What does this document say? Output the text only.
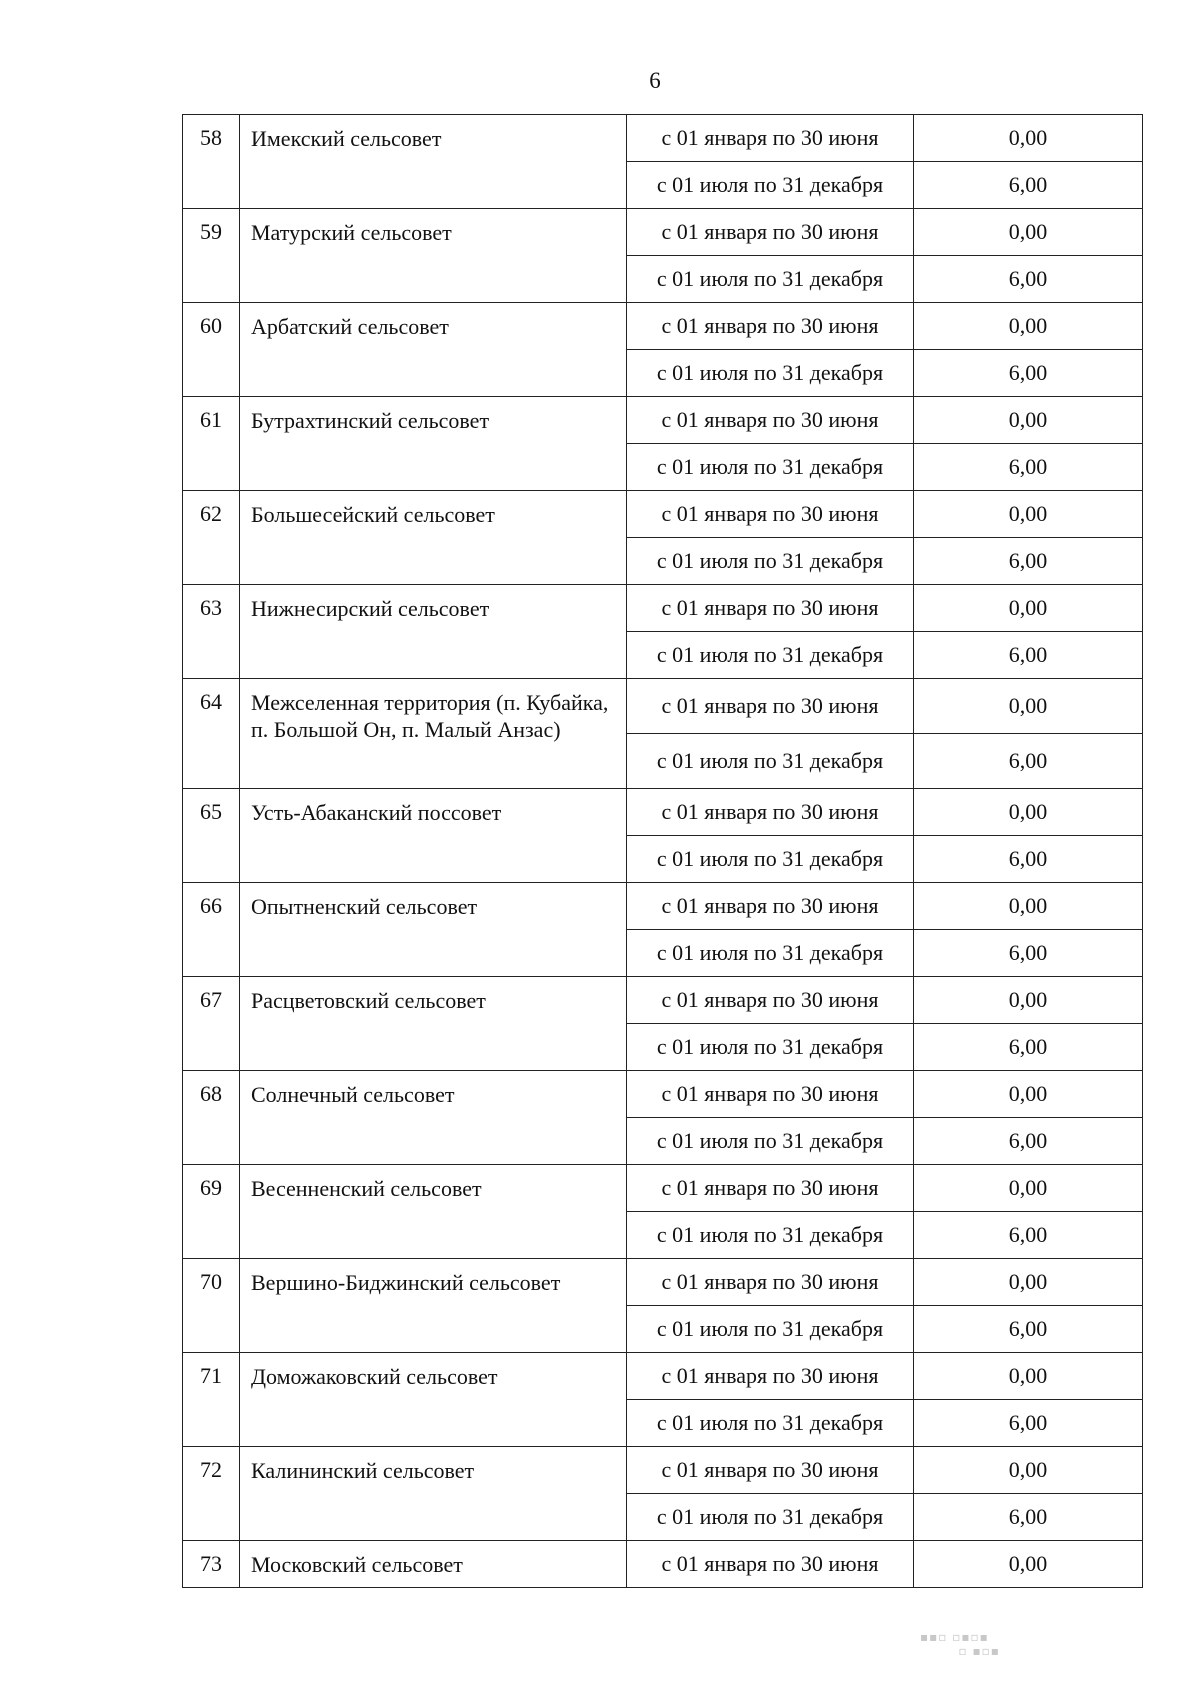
6
58	Имекский сельсовет	с 01 января по 30 июня	0,00
		с 01 июля по 31 декабря	6,00
59	Матурский сельсовет	с 01 января по 30 июня	0,00
		с 01 июля по 31 декабря	6,00
60	Арбатский сельсовет	с 01 января по 30 июня	0,00
		с 01 июля по 31 декабря	6,00
61	Бутрахтинский сельсовет	с 01 января по 30 июня	0,00
		с 01 июля по 31 декабря	6,00
62	Большесейский сельсовет	с 01 января по 30 июня	0,00
		с 01 июля по 31 декабря	6,00
63	Нижнесирский сельсовет	с 01 января по 30 июня	0,00
		с 01 июля по 31 декабря	6,00
64	Межселенная территория (п. Кубайка, п. Большой Он, п. Малый Анзас)	с 01 января по 30 июня	0,00
		с 01 июля по 31 декабря	6,00
65	Усть-Абаканский поссовет	с 01 января по 30 июня	0,00
		с 01 июля по 31 декабря	6,00
66	Опытненский сельсовет	с 01 января по 30 июня	0,00
		с 01 июля по 31 декабря	6,00
67	Расцветовский сельсовет	с 01 января по 30 июня	0,00
		с 01 июля по 31 декабря	6,00
68	Солнечный сельсовет	с 01 января по 30 июня	0,00
		с 01 июля по 31 декабря	6,00
69	Весенненский сельсовет	с 01 января по 30 июня	0,00
		с 01 июля по 31 декабря	6,00
70	Вершино-Биджинский сельсовет	с 01 января по 30 июня	0,00
		с 01 июля по 31 декабря	6,00
71	Доможаковский сельсовет	с 01 января по 30 июня	0,00
		с 01 июля по 31 декабря	6,00
72	Калининский сельсовет	с 01 января по 30 июня	0,00
		с 01 июля по 31 декабря	6,00
73	Московский сельсовет	с 01 января по 30 июня	0,00
▪▪▫ ▫▪▫▪
▫ ▪▫▪
